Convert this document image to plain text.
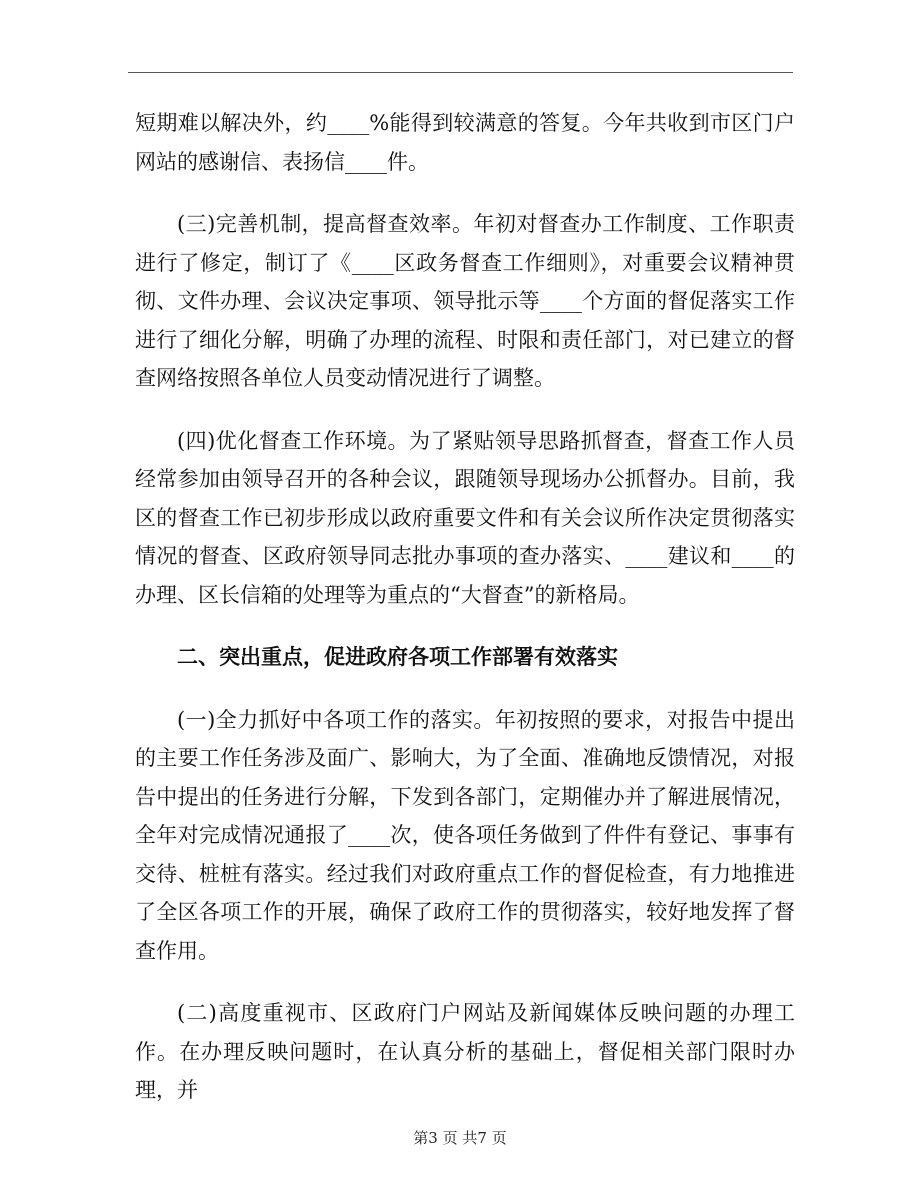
短期难以解决外，约____%能得到较满意的答复。今年共收到市区门户网站的感谢信、表扬信____件。

(三)完善机制，提高督查效率。年初对督查办工作制度、工作职责进行了修定，制订了《____区政务督查工作细则》，对重要会议精神贯彻、文件办理、会议决定事项、领导批示等____个方面的督促落实工作进行了细化分解，明确了办理的流程、时限和责任部门，对已建立的督查网络按照各单位人员变动情况进行了调整。

(四)优化督查工作环境。为了紧贴领导思路抓督查，督查工作人员经常参加由领导召开的各种会议，跟随领导现场办公抓督办。目前，我区的督查工作已初步形成以政府重要文件和有关会议所作决定贯彻落实情况的督查、区政府领导同志批办事项的查办落实、____建议和____的办理、区长信箱的处理等为重点的“大督查”的新格局。

二、突出重点，促进政府各项工作部署有效落实

(一)全力抓好中各项工作的落实。年初按照的要求，对报告中提出的主要工作任务涉及面广、影响大，为了全面、准确地反馈情况，对报告中提出的任务进行分解，下发到各部门，定期催办并了解进展情况，全年对完成情况通报了____次，使各项任务做到了件件有登记、事事有交待、桩桩有落实。经过我们对政府重点工作的督促检查，有力地推进了全区各项工作的开展，确保了政府工作的贯彻落实，较好地发挥了督查作用。

(二)高度重视市、区政府门户网站及新闻媒体反映问题的办理工作。在办理反映问题时，在认真分析的基础上，督促相关部门限时办理，并

第3 页 共7 页
